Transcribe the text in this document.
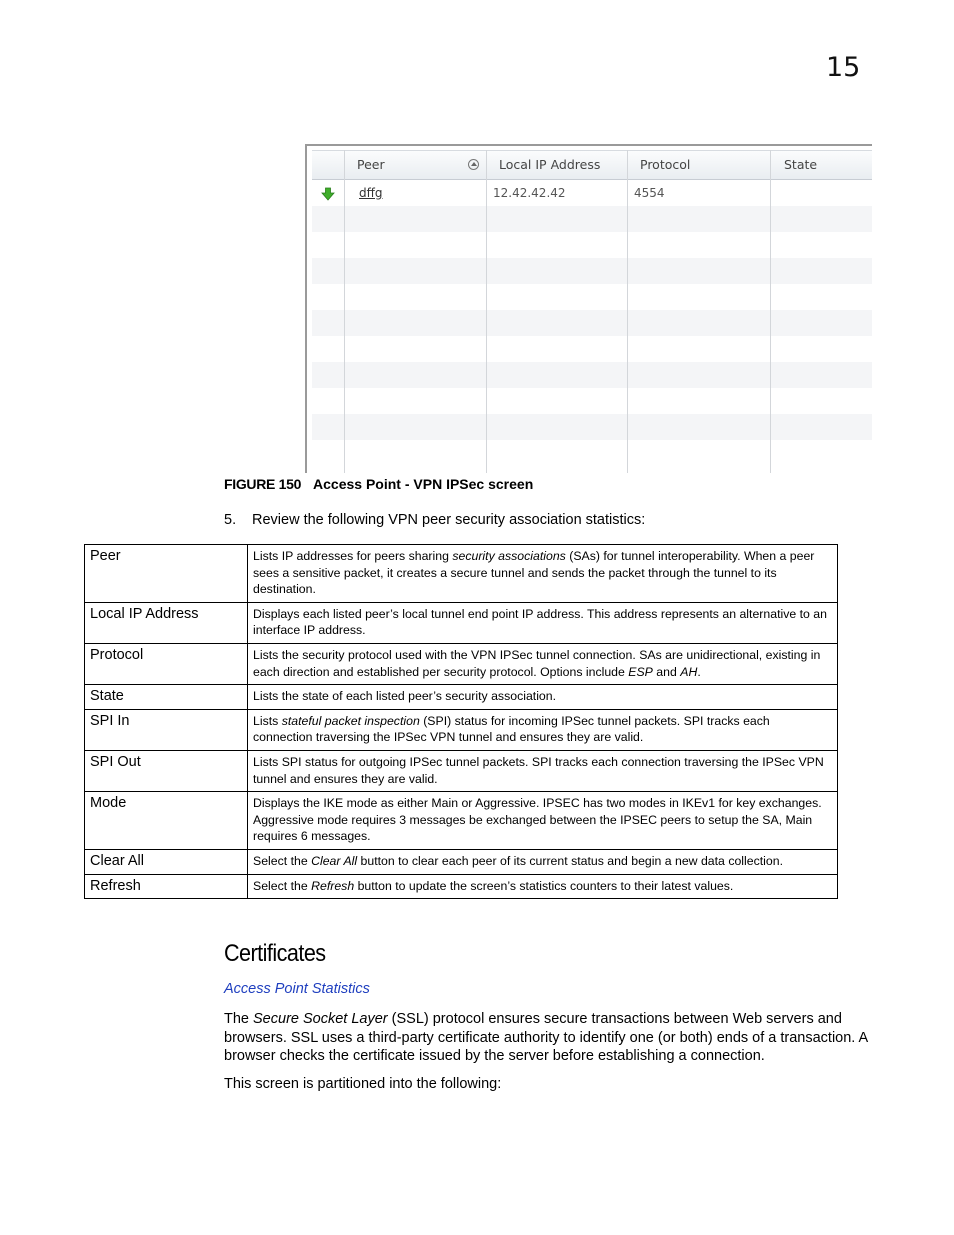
15
Peer	Local IP Address	Protocol	State
dffg	12.42.42.42	4554
FIGURE 150 Access Point - VPN IPSec screen
5. Review the following VPN peer security association statistics:
Peer	Lists IP addresses for peers sharing security associations (SAs) for tunnel interoperability. When a peer sees a sensitive packet, it creates a secure tunnel and sends the packet through the tunnel to its destination.
Local IP Address	Displays each listed peer’s local tunnel end point IP address. This address represents an alternative to an interface IP address.
Protocol	Lists the security protocol used with the VPN IPSec tunnel connection. SAs are unidirectional, existing in each direction and established per security protocol. Options include ESP and AH.
State	Lists the state of each listed peer’s security association.
SPI In	Lists stateful packet inspection (SPI) status for incoming IPSec tunnel packets. SPI tracks each connection traversing the IPSec VPN tunnel and ensures they are valid.
SPI Out	Lists SPI status for outgoing IPSec tunnel packets. SPI tracks each connection traversing the IPSec VPN tunnel and ensures they are valid.
Mode	Displays the IKE mode as either Main or Aggressive. IPSEC has two modes in IKEv1 for key exchanges. Aggressive mode requires 3 messages be exchanged between the IPSEC peers to setup the SA, Main requires 6 messages.
Clear All	Select the Clear All button to clear each peer of its current status and begin a new data collection.
Refresh	Select the Refresh button to update the screen’s statistics counters to their latest values.
Certificates
Access Point Statistics
The Secure Socket Layer (SSL) protocol ensures secure transactions between Web servers and browsers. SSL uses a third-party certificate authority to identify one (or both) ends of a transaction. A browser checks the certificate issued by the server before establishing a connection.
This screen is partitioned into the following:
